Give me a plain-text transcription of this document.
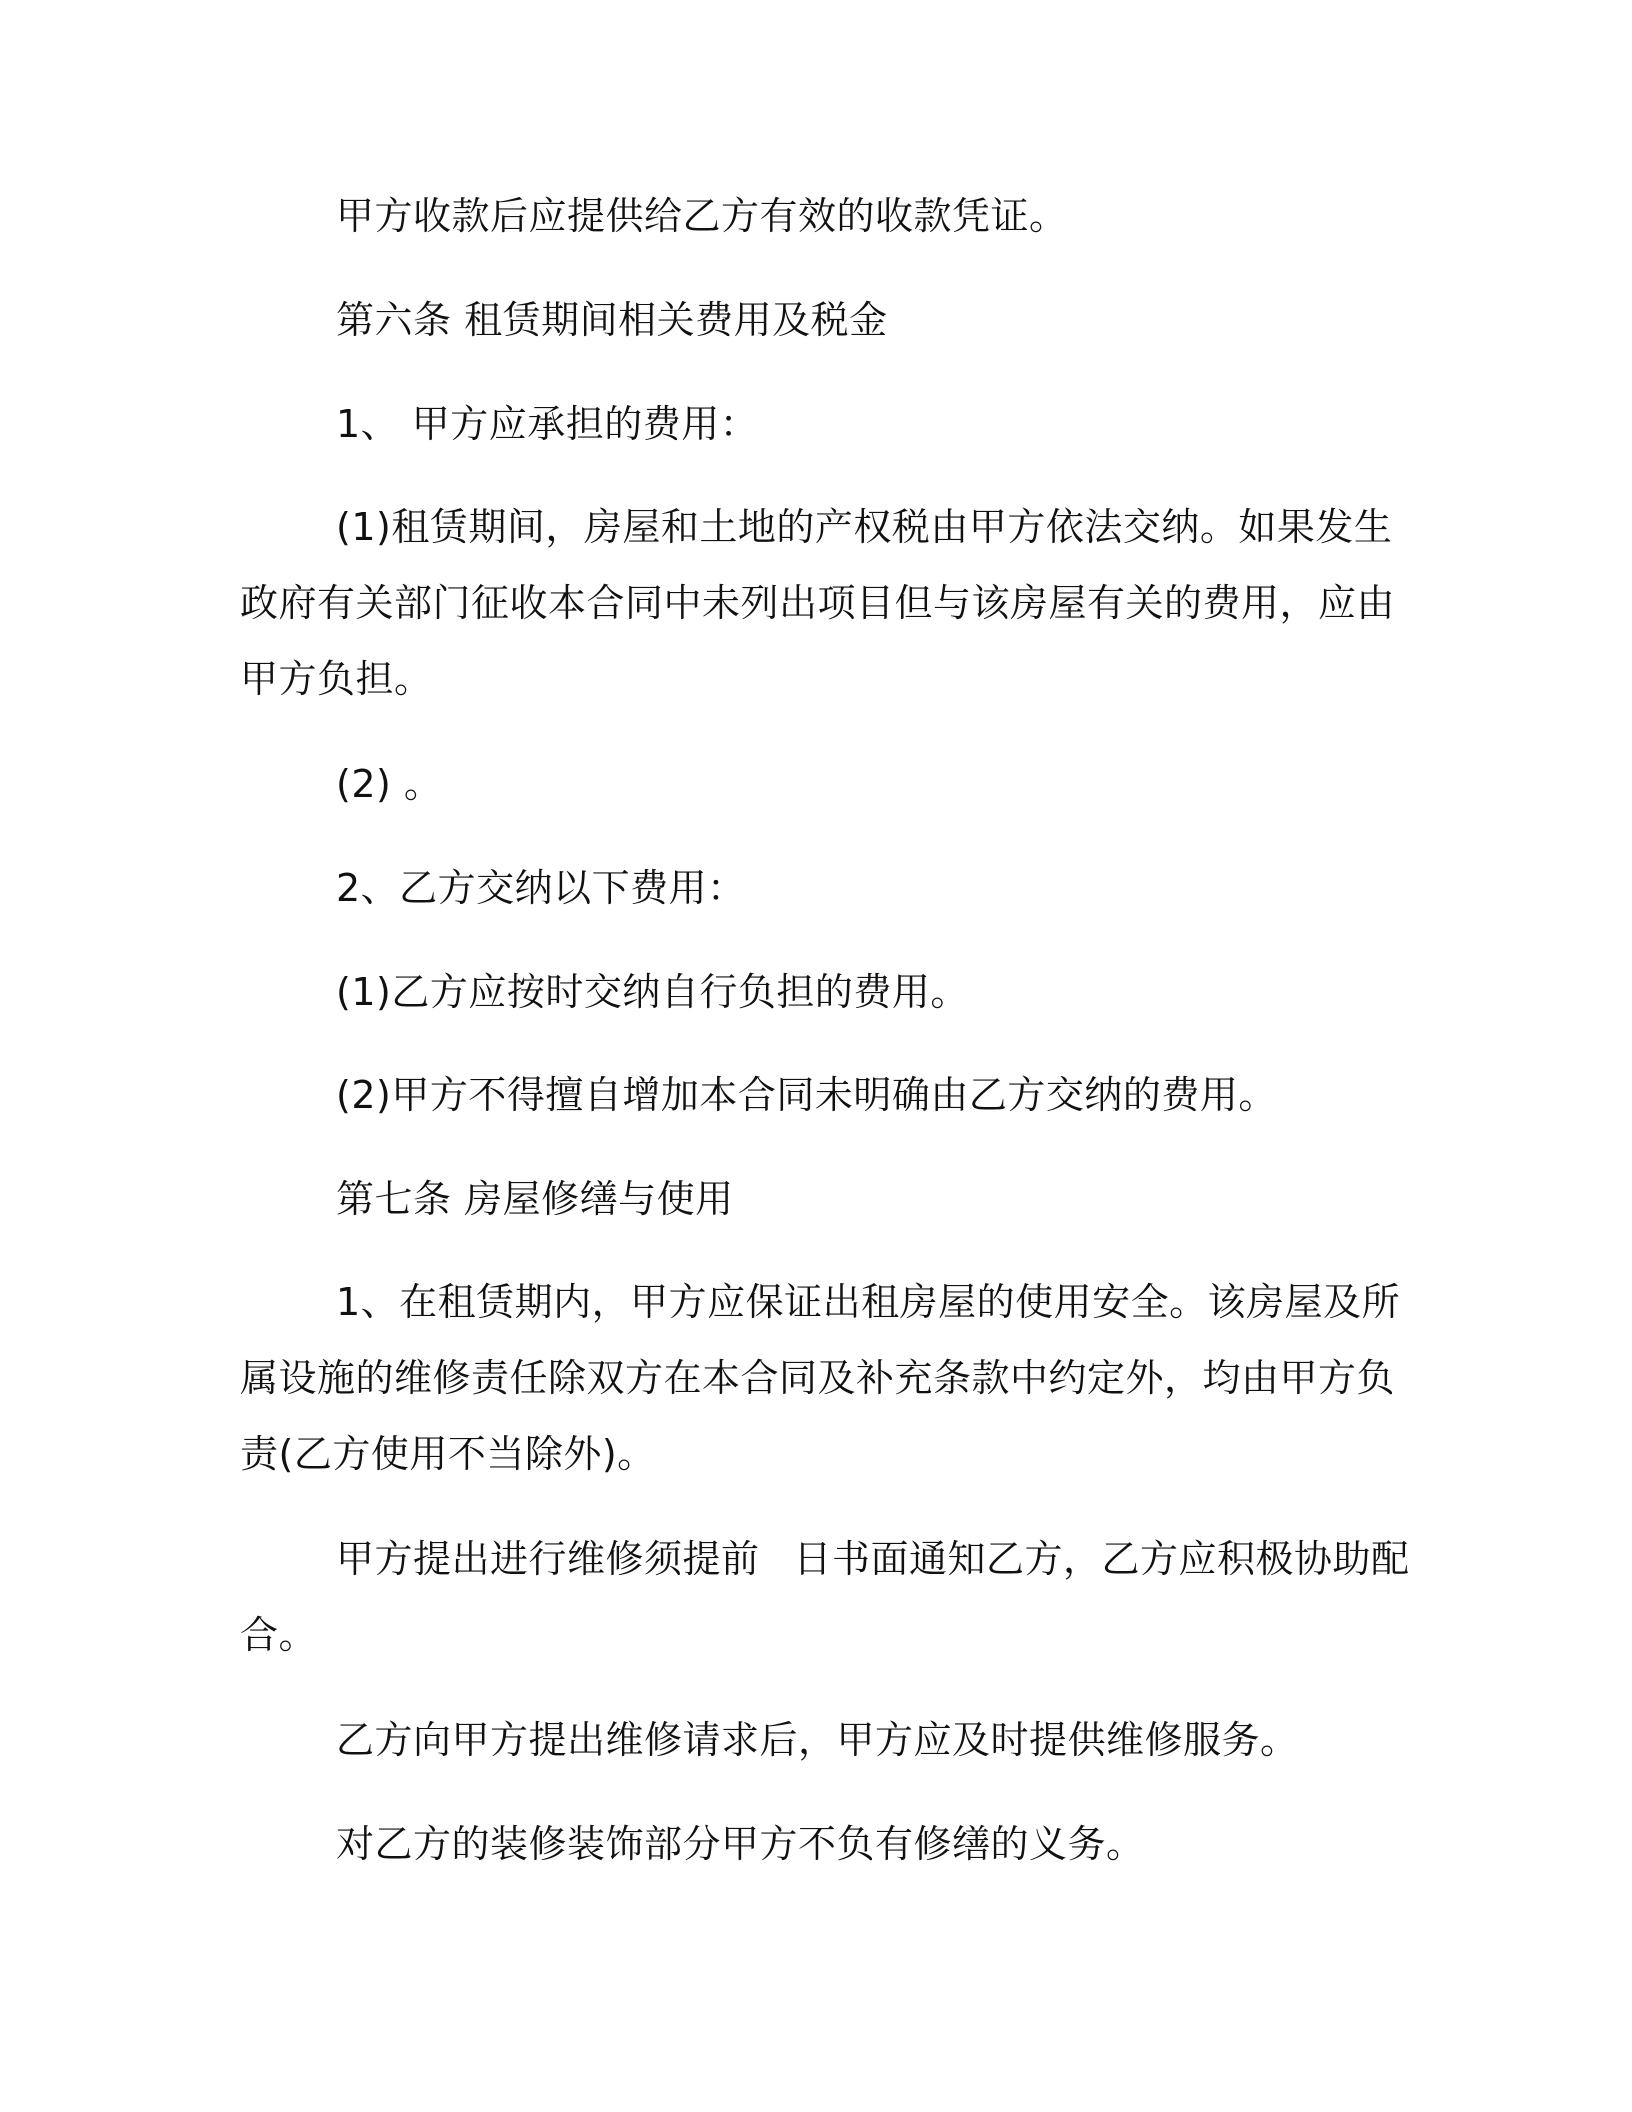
甲方收款后应提供给乙方有效的收款凭证。
第六条 租赁期间相关费用及税金
1、 甲方应承担的费用：
(1)租赁期间，房屋和土地的产权税由甲方依法交纳。如果发生
政府有关部门征收本合同中未列出项目但与该房屋有关的费用，应由
甲方负担。
(2) 。
2、乙方交纳以下费用：
(1)乙方应按时交纳自行负担的费用。
(2)甲方不得擅自增加本合同未明确由乙方交纳的费用。
第七条 房屋修缮与使用
1、在租赁期内，甲方应保证出租房屋的使用安全。该房屋及所
属设施的维修责任除双方在本合同及补充条款中约定外，均由甲方负
责(乙方使用不当除外)。
甲方提出进行维修须提前 日书面通知乙方，乙方应积极协助配
合。
乙方向甲方提出维修请求后，甲方应及时提供维修服务。
对乙方的装修装饰部分甲方不负有修缮的义务。
